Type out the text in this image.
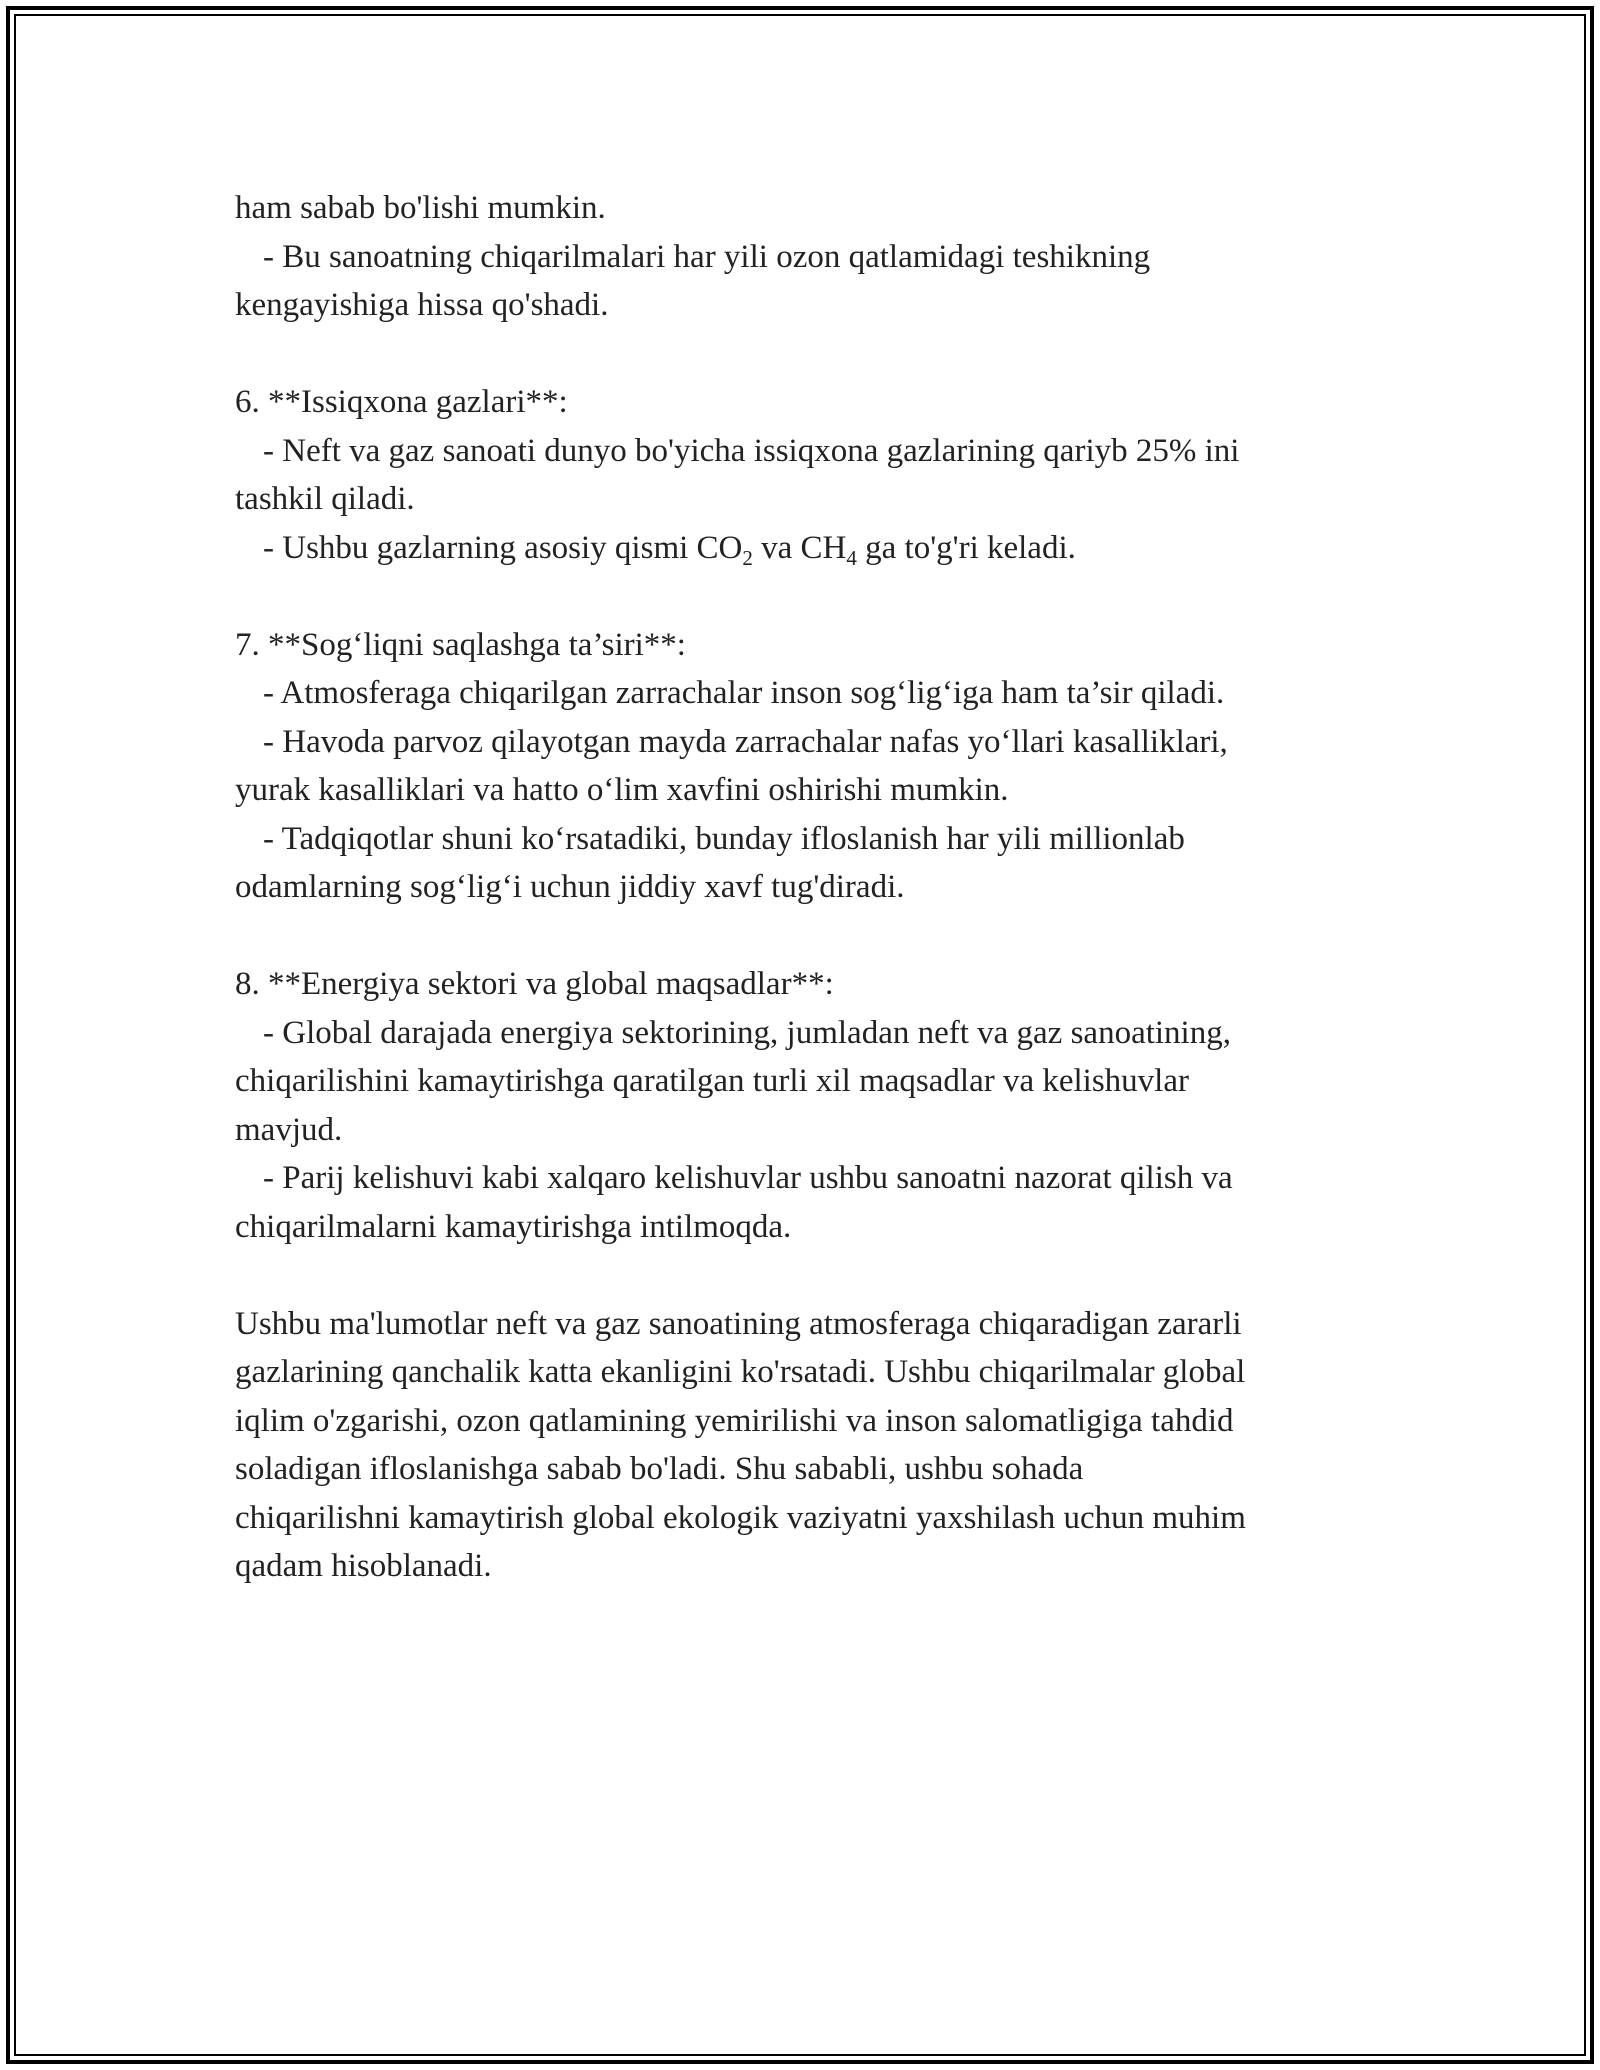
ham sabab bo'lishi mumkin.
- Bu sanoatning chiqarilmalari har yili ozon qatlamidagi teshikning
kengayishiga hissa qo'shadi.
6. **Issiqxona gazlari**:
- Neft va gaz sanoati dunyo bo'yicha issiqxona gazlarining qariyb 25% ini
tashkil qiladi.
- Ushbu gazlarning asosiy qismi $CO_2$ va $CH_4$ ga to'g'ri keladi.
7. **Sog‘liqni saqlashga ta’siri**:
- Atmosferaga chiqarilgan zarrachalar inson sog‘lig‘iga ham ta’sir qiladi.
- Havoda parvoz qilayotgan mayda zarrachalar nafas yo‘llari kasalliklari,
yurak kasalliklari va hatto o‘lim xavfini oshirishi mumkin.
- Tadqiqotlar shuni ko‘rsatadiki, bunday ifloslanish har yili millionlab
odamlarning sog‘lig‘i uchun jiddiy xavf tug'diradi.
8. **Energiya sektori va global maqsadlar**:
- Global darajada energiya sektorining, jumladan neft va gaz sanoatining,
chiqarilishini kamaytirishga qaratilgan turli xil maqsadlar va kelishuvlar
mavjud.
- Parij kelishuvi kabi xalqaro kelishuvlar ushbu sanoatni nazorat qilish va
chiqarilmalarni kamaytirishga intilmoqda.
Ushbu ma'lumotlar neft va gaz sanoatining atmosferaga chiqaradigan zararli
gazlarining qanchalik katta ekanligini ko'rsatadi. Ushbu chiqarilmalar global
iqlim o'zgarishi, ozon qatlamining yemirilishi va inson salomatligiga tahdid
soladigan ifloslanishga sabab bo'ladi. Shu sababli, ushbu sohada
chiqarilishni kamaytirish global ekologik vaziyatni yaxshilash uchun muhim
qadam hisoblanadi.
